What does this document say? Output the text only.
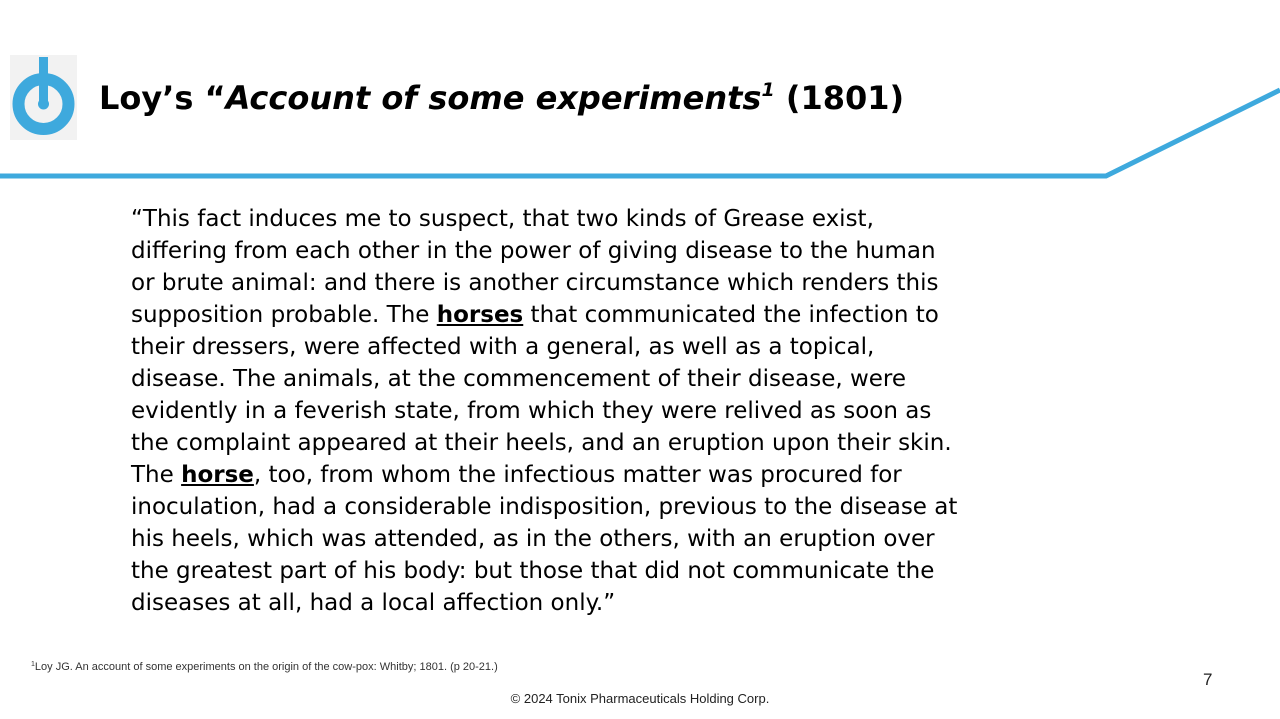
Loy’s “Account of some experiments$^1$ (1801)
“This fact induces me to suspect, that two kinds of Grease exist,
differing from each other in the power of giving disease to the human
or brute animal: and there is another circumstance which renders this
supposition probable. The horses that communicated the infection to
their dressers, were affected with a general, as well as a topical,
disease. The animals, at the commencement of their disease, were
evidently in a feverish state, from which they were relived as soon as
the complaint appeared at their heels, and an eruption upon their skin.
The horse, too, from whom the infectious matter was procured for
inoculation, had a considerable indisposition, previous to the disease at
his heels, which was attended, as in the others, with an eruption over
the greatest part of his body: but those that did not communicate the
diseases at all, had a local affection only.”
$^1$Loy JG. An account of some experiments on the origin of the cow-pox: Whitby; 1801. (p 20-21.)
7
© 2024 Tonix Pharmaceuticals Holding Corp.
